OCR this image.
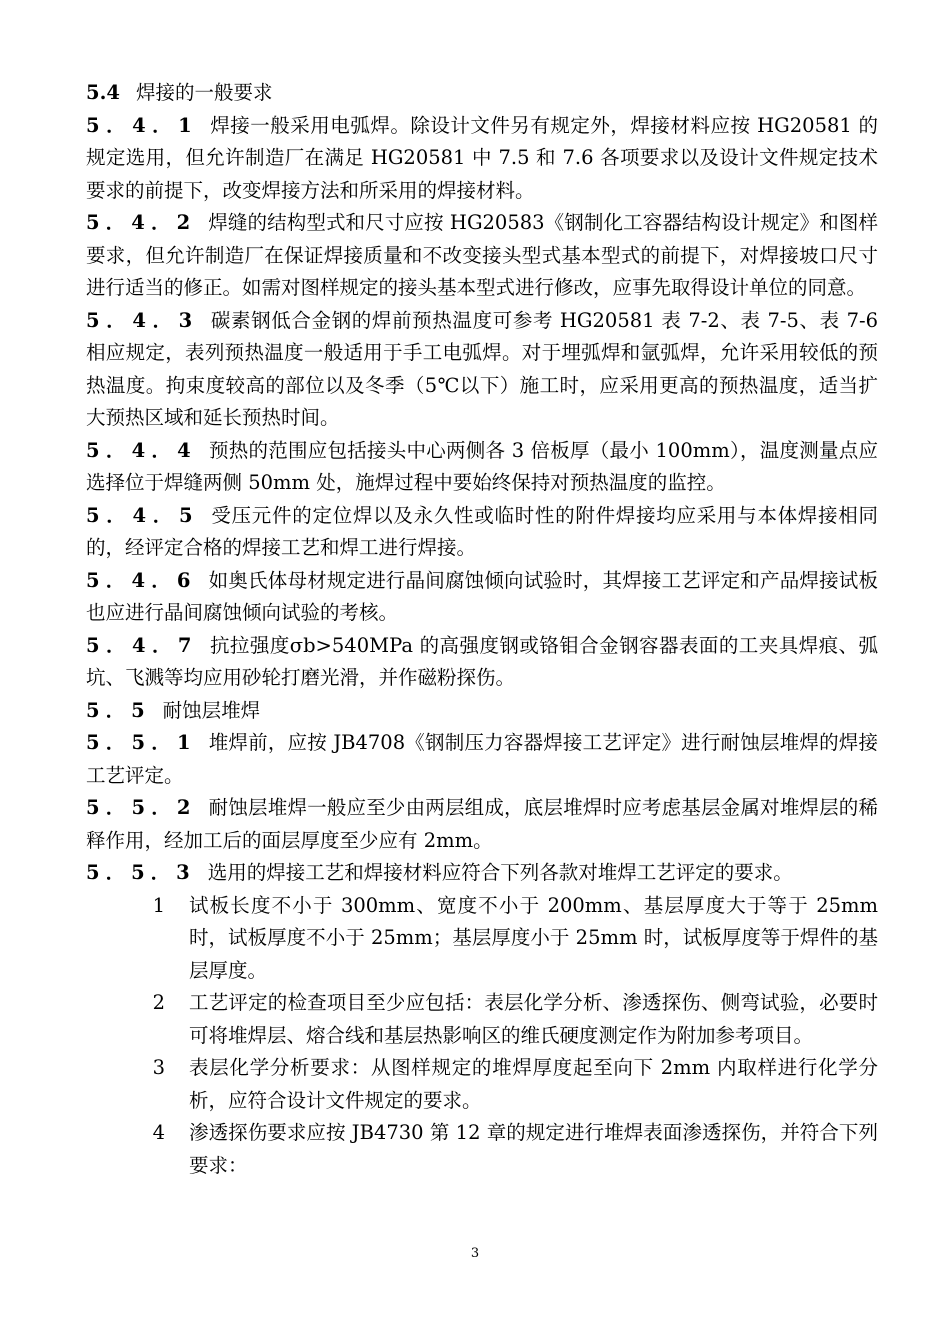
5.4 焊接的一般要求

5．4．1 焊接一般采用电弧焊。除设计文件另有规定外，焊接材料应按 HG20581 的规定选用，但允许制造厂在满足 HG20581 中 7.5 和 7.6 各项要求以及设计文件规定技术要求的前提下，改变焊接方法和所采用的焊接材料。

5．4．2 焊缝的结构型式和尺寸应按 HG20583《钢制化工容器结构设计规定》和图样要求，但允许制造厂在保证焊接质量和不改变接头型式基本型式的前提下，对焊接坡口尺寸进行适当的修正。如需对图样规定的接头基本型式进行修改，应事先取得设计单位的同意。

5．4．3 碳素钢低合金钢的焊前预热温度可参考 HG20581 表 7-2、表 7-5、表 7-6 相应规定，表列预热温度一般适用于手工电弧焊。对于埋弧焊和氩弧焊，允许采用较低的预热温度。拘束度较高的部位以及冬季（5℃以下）施工时，应采用更高的预热温度，适当扩大预热区域和延长预热时间。

5．4．4 预热的范围应包括接头中心两侧各 3 倍板厚（最小 100mm），温度测量点应选择位于焊缝两侧 50mm 处，施焊过程中要始终保持对预热温度的监控。

5．4．5 受压元件的定位焊以及永久性或临时性的附件焊接均应采用与本体焊接相同的，经评定合格的焊接工艺和焊工进行焊接。

5．4．6 如奥氏体母材规定进行晶间腐蚀倾向试验时，其焊接工艺评定和产品焊接试板也应进行晶间腐蚀倾向试验的考核。

5．4．7 抗拉强度σb>540MPa 的高强度钢或铬钼合金钢容器表面的工夹具焊痕、弧坑、飞溅等均应用砂轮打磨光滑，并作磁粉探伤。

5．5 耐蚀层堆焊

5．5．1 堆焊前，应按 JB4708《钢制压力容器焊接工艺评定》进行耐蚀层堆焊的焊接工艺评定。

5．5．2 耐蚀层堆焊一般应至少由两层组成，底层堆焊时应考虑基层金属对堆焊层的稀释作用，经加工后的面层厚度至少应有 2mm。

5．5．3 选用的焊接工艺和焊接材料应符合下列各款对堆焊工艺评定的要求。

1	试板长度不小于 300mm、宽度不小于 200mm、基层厚度大于等于 25mm 时，试板厚度不小于 25mm；基层厚度小于 25mm 时，试板厚度等于焊件的基层厚度。
2	工艺评定的检查项目至少应包括：表层化学分析、渗透探伤、侧弯试验，必要时可将堆焊层、熔合线和基层热影响区的维氏硬度测定作为附加参考项目。
3	表层化学分析要求：从图样规定的堆焊厚度起至向下 2mm 内取样进行化学分析，应符合设计文件规定的要求。
4	渗透探伤要求应按 JB4730 第 12 章的规定进行堆焊表面渗透探伤，并符合下列要求：
3
